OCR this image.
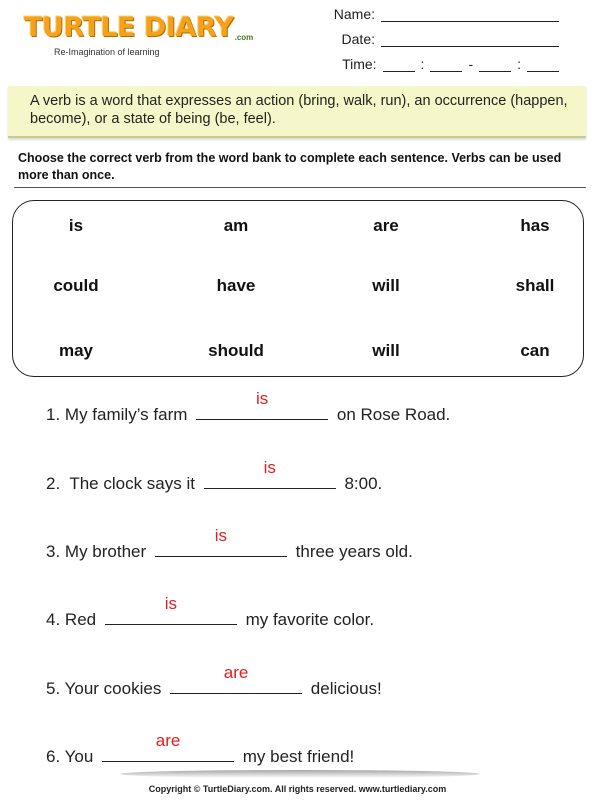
TURTLE DIARY .com
Re-Imagination of learning
Name:
Date:
Time:	:	-	:
A verb is a word that expresses an action (bring, walk, run), an occurrence (happen, become), or a state of being (be, feel).
Choose the correct verb from the word bank to complete each sentence. Verbs can be used more than once.
is	am	are	has
could	have	will	shall
may	should	will	can
1. My family’s farm
is
on Rose Road.
2.  The clock says it
is
8:00.
3. My brother
is
three years old.
4. Red
is
my favorite color.
5. Your cookies
are
delicious!
6. You
are
my best friend!
Copyright © TurtleDiary.com. All rights reserved. www.turtlediary.com
